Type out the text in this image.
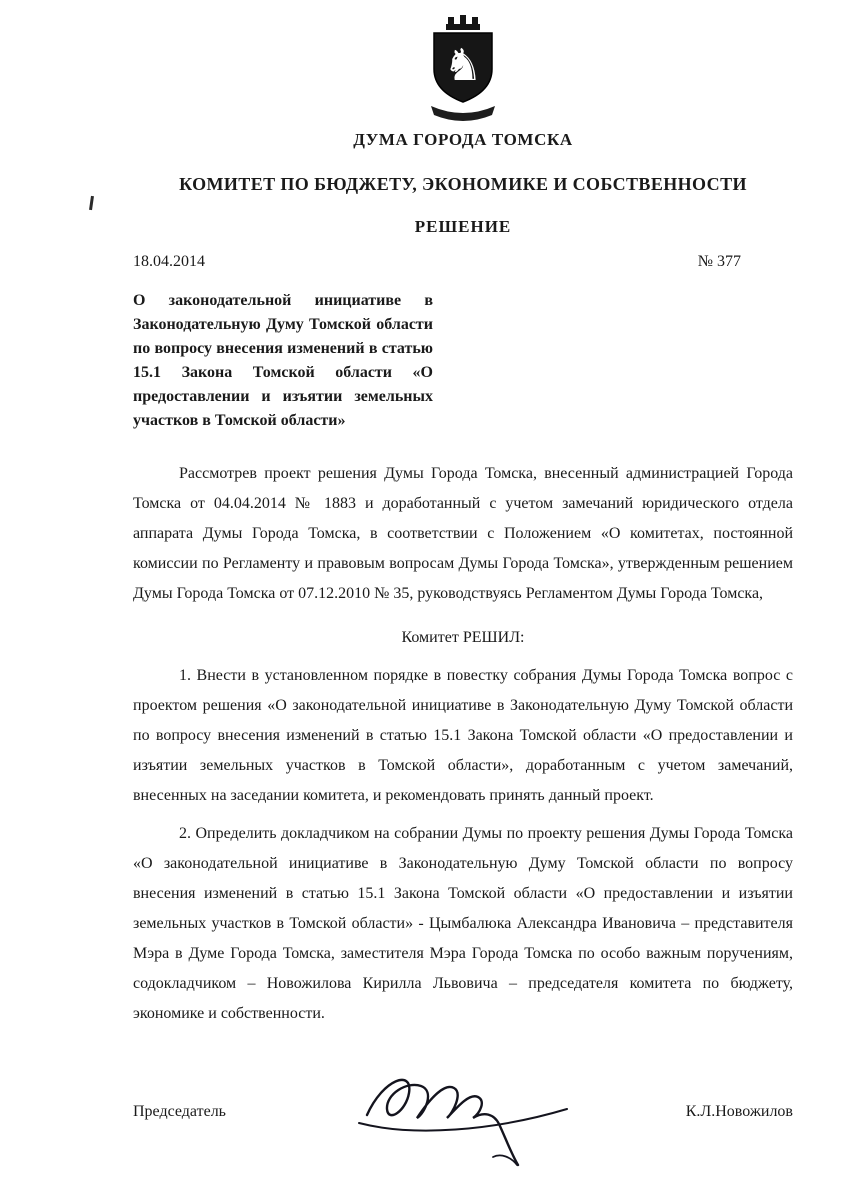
♞
ДУМА ГОРОДА ТОМСКА
КОМИТЕТ ПО БЮДЖЕТУ, ЭКОНОМИКЕ И СОБСТВЕННОСТИ
РЕШЕНИЕ
18.04.2014	№ 377
О законодательной инициативе в Законодательную Думу Томской области по вопросу внесения изменений в статью 15.1 Закона Томской области «О предоставлении и изъятии земельных участков в Томской области»

Рассмотрев проект решения Думы Города Томска, внесенный администрацией Города Томска от 04.04.2014 № 1883 и доработанный с учетом замечаний юридического отдела аппарата Думы Города Томска, в соответствии с Положением «О комитетах, постоянной комиссии по Регламенту и правовым вопросам Думы Города Томска», утвержденным решением Думы Города Томска от 07.12.2010 № 35, руководствуясь Регламентом Думы Города Томска,

Комитет РЕШИЛ:

1. Внести в установленном порядке в повестку собрания Думы Города Томска вопрос с проектом решения «О законодательной инициативе в Законодательную Думу Томской области по вопросу внесения изменений в статью 15.1 Закона Томской области «О предоставлении и изъятии земельных участков в Томской области», доработанным с учетом замечаний, внесенных на заседании комитета, и рекомендовать принять данный проект.

2. Определить докладчиком на собрании Думы по проекту решения Думы Города Томска «О законодательной инициативе в Законодательную Думу Томской области по вопросу внесения изменений в статью 15.1 Закона Томской области «О предоставлении и изъятии земельных участков в Томской области» - Цымбалюка Александра Ивановича – представителя Мэра в Думе Города Томска, заместителя Мэра Города Томска по особо важным поручениям, содокладчиком – Новожилова Кирилла Львовича – председателя комитета по бюджету, экономике и собственности.

Председатель	К.Л.Новожилов
